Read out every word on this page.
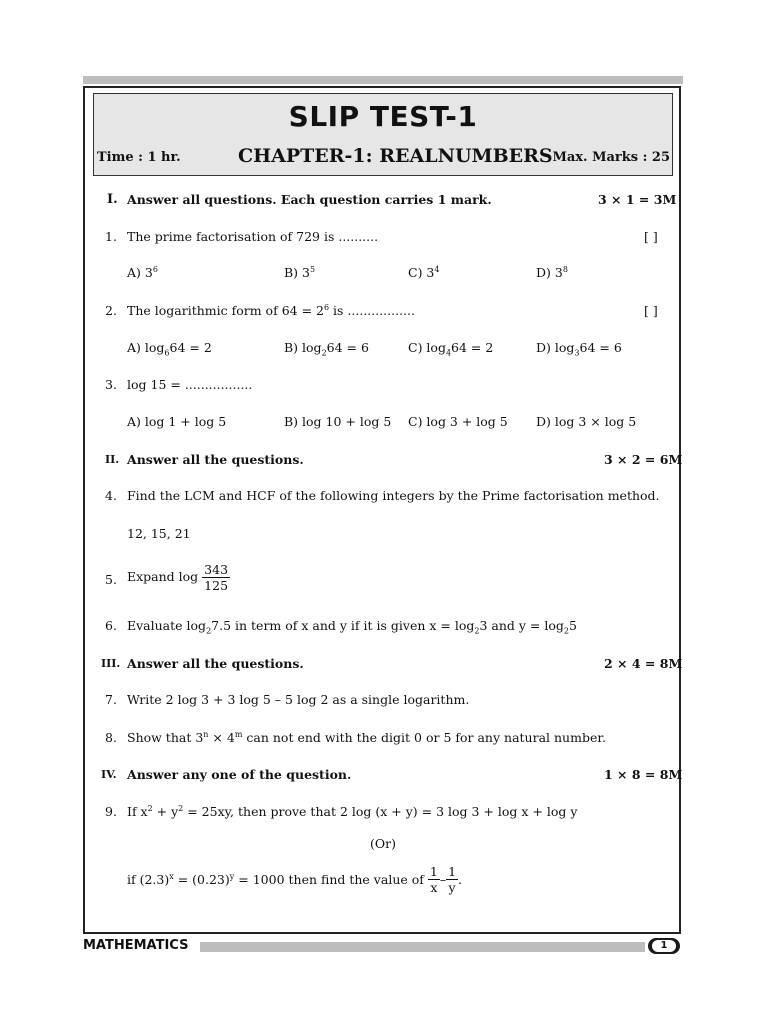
SLIP TEST-1
Time : 1 hr.	CHAPTER-1: REALNUMBERS Max. Marks : 25
I. Answer all questions. Each question carries 1 mark.	3 × 1 = 3M
1. The prime factorisation of 729 is ..........	[ ]
A) $3^6$	B) $3^5$	C) $3^4$	D) $3^8$
2. The logarithmic form of $64 = 2^6$ is .................	[ ]
A) $\log_664 = 2$	B) $\log_264 = 6$	C) $\log_464 = 2$	D) $\log_364 = 6$
3. log 15 = .................
A) log 1 + log 5	B) log 10 + log 5 C) log 3 + log 5 D) log 3 × log 5
II. Answer all the questions.	3 × 2 = 6M
4. Find the LCM and HCF of the following integers by the Prime factorisation method.
12, 15, 21
5. Expand $\log \frac{343}{125}$
6. Evaluate $\log_27.5$ in term of x and y if it is given $x = \log_23$ and $y = \log_25$
III. Answer all the questions.	2 × 4 = 8M
7. Write 2 log 3 + 3 log 5 – 5 log 2 as a single logarithm.
8. Show that $3^n \times 4^m$ can not end with the digit 0 or 5 for any natural number.
IV. Answer any one of the question.	1 × 8 = 8M
9. If $x^2 + y^2 = 25xy$, then prove that 2 log (x + y) = 3 log 3 + log x + log y
(Or)
if $(2.3)^x = (0.23)^y = 1000$ then find the value of $\frac{1}{x} - \frac{1}{y}$ .
MATHEMATICS	1
